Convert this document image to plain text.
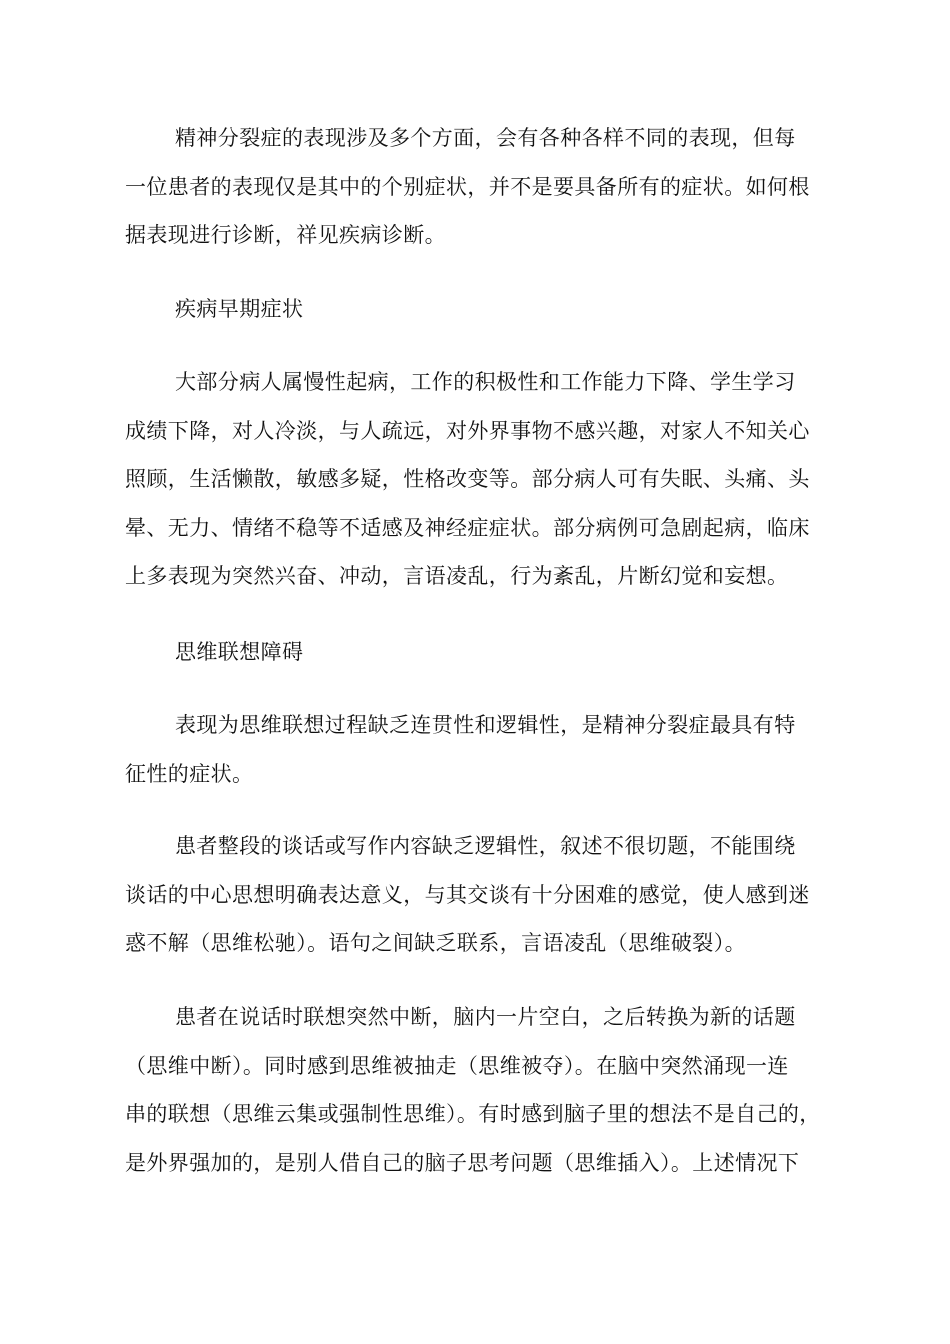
精神分裂症的表现涉及多个方面，会有各种各样不同的表现，但每
一位患者的表现仅是其中的个别症状，并不是要具备所有的症状。如何根
据表现进行诊断，祥见疾病诊断。

疾病早期症状

大部分病人属慢性起病，工作的积极性和工作能力下降、学生学习
成绩下降，对人冷淡，与人疏远，对外界事物不感兴趣，对家人不知关心
照顾，生活懒散，敏感多疑，性格改变等。部分病人可有失眠、头痛、头
晕、无力、情绪不稳等不适感及神经症症状。部分病例可急剧起病，临床
上多表现为突然兴奋、冲动，言语凌乱，行为紊乱，片断幻觉和妄想。

思维联想障碍

表现为思维联想过程缺乏连贯性和逻辑性，是精神分裂症最具有特
征性的症状。

患者整段的谈话或写作内容缺乏逻辑性，叙述不很切题，不能围绕
谈话的中心思想明确表达意义，与其交谈有十分困难的感觉，使人感到迷
惑不解（思维松驰）。语句之间缺乏联系，言语凌乱（思维破裂）。

患者在说话时联想突然中断，脑内一片空白，之后转换为新的话题
（思维中断）。同时感到思维被抽走（思维被夺）。在脑中突然涌现一连
串的联想（思维云集或强制性思维）。有时感到脑子里的想法不是自己的，
是外界强加的，是别人借自己的脑子思考问题（思维插入）。上述情况下
